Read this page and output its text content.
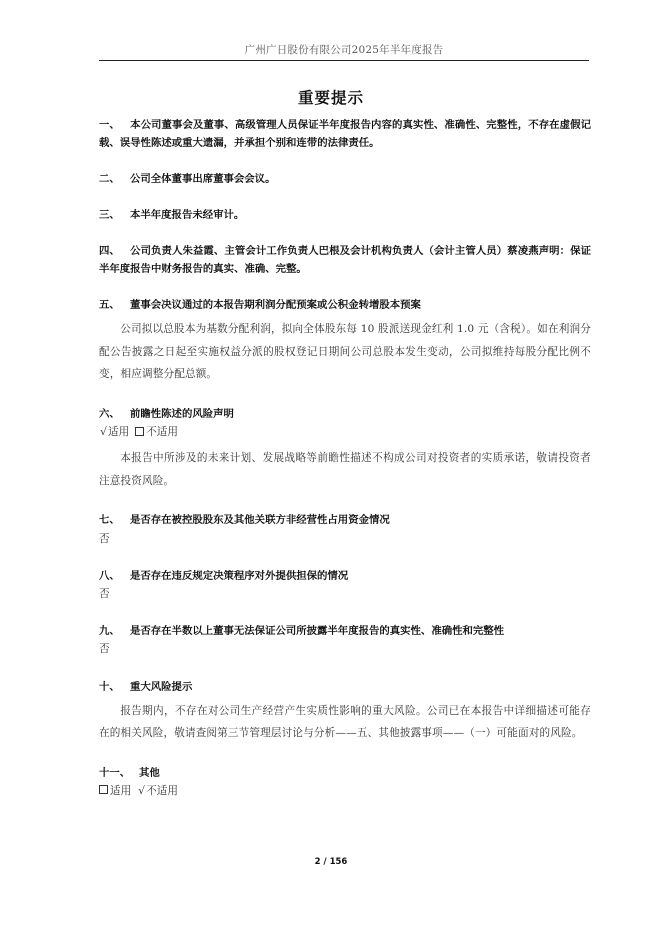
广州广日股份有限公司2025年半年度报告
重要提示

一、 本公司董事会及董事、高级管理人员保证半年度报告内容的真实性、准确性、完整性，不存在虚假记载、误导性陈述或重大遗漏，并承担个别和连带的法律责任。

二、 公司全体董事出席董事会会议。

三、 本半年度报告未经审计。

四、 公司负责人朱益霞、主管会计工作负责人巴根及会计机构负责人（会计主管人员）蔡凌燕声明：保证半年度报告中财务报告的真实、准确、完整。

五、 董事会决议通过的本报告期利润分配预案或公积金转增股本预案

公司拟以总股本为基数分配利润，拟向全体股东每 10 股派送现金红利 1.0 元（含税）。如在利润分配公告披露之日起至实施权益分派的股权登记日期间公司总股本发生变动，公司拟维持每股分配比例不变，相应调整分配总额。

六、 前瞻性陈述的风险声明

√适用 不适用

本报告中所涉及的未来计划、发展战略等前瞻性描述不构成公司对投资者的实质承诺，敬请投资者注意投资风险。

七、 是否存在被控股股东及其他关联方非经营性占用资金情况

否

八、 是否存在违反规定决策程序对外提供担保的情况

否

九、 是否存在半数以上董事无法保证公司所披露半年度报告的真实性、准确性和完整性

否

十、 重大风险提示

报告期内，不存在对公司生产经营产生实质性影响的重大风险。公司已在本报告中详细描述可能存在的相关风险，敬请查阅第三节管理层讨论与分析——五、其他披露事项——（一）可能面对的风险。

十一、 其他

适用 √不适用

2 / 156
